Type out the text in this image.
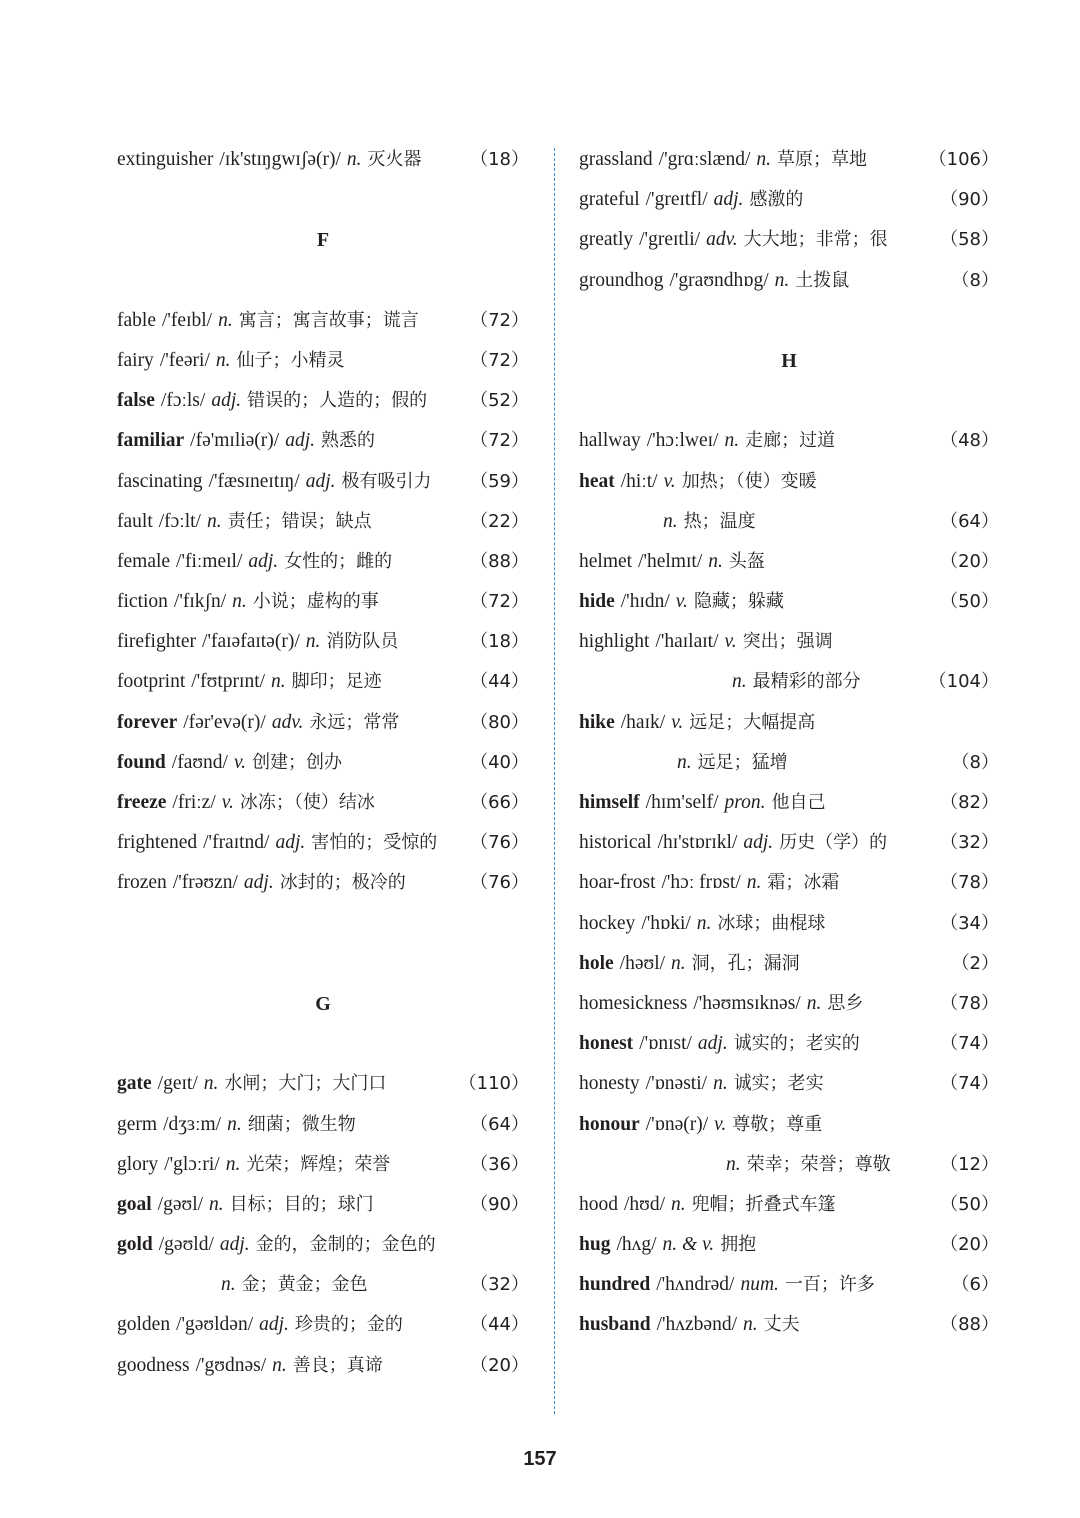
extinguisher /ɪk'stɪŋgwɪʃə(r)/ n. 灭火器	（18）
F
fable /'feɪbl/ n. 寓言；寓言故事；谎言	（72）
fairy /'feəri/ n. 仙子；小精灵	（72）
false /fɔːls/ adj. 错误的；人造的；假的 （52）
familiar /fə'mɪliə(r)/ adj. 熟悉的	（72）
fascinating /'fæsɪneɪtɪŋ/ adj. 极有吸引力 （59）
fault /fɔːlt/ n. 责任；错误；缺点	（22）
female /'fiːmeɪl/ adj. 女性的；雌的	（88）
fiction /'fɪkʃn/ n. 小说；虚构的事	（72）
firefighter /'faɪəfaɪtə(r)/ n. 消防队员	（18）
footprint /'fʊtprɪnt/ n. 脚印；足迹	（44）
forever /fər'evə(r)/ adv. 永远；常常	（80）
found /faʊnd/ v. 创建；创办	（40）
freeze /friːz/ v. 冰冻；（使）结冰	（66）
frightened /'fraɪtnd/ adj. 害怕的；受惊的 （76）
frozen /'frəʊzn/ adj. 冰封的；极冷的	（76）
G
gate /geɪt/ n. 水闸；大门；大门口	（110）
germ /dʒɜːm/ n. 细菌；微生物	（64）
glory /'glɔːri/ n. 光荣；辉煌；荣誉	（36）
goal /gəʊl/ n. 目标；目的；球门	（90）
gold /gəʊld/ adj. 金的，金制的；金色的
n. 金；黄金；金色	（32）
golden /'gəʊldən/ adj. 珍贵的；金的	（44）
goodness /'gʊdnəs/ n. 善良；真谛	（20）
grassland /'grɑːslænd/ n. 草原；草地	（106）
grateful /'greɪtfl/ adj. 感激的	（90）
greatly /'greɪtli/ adv. 大大地；非常；很	（58）
groundhog /'graʊndhɒg/ n. 土拨鼠	（8）
H
hallway /'hɔːlweɪ/ n. 走廊；过道	（48）
heat /hiːt/ v. 加热；（使）变暖
n. 热；温度	（64）
helmet /'helmɪt/ n. 头盔	（20）
hide /'hɪdn/ v. 隐藏；躲藏	（50）
highlight /'haɪlaɪt/ v. 突出；强调
n. 最精彩的部分	（104）
hike /haɪk/ v. 远足；大幅提高
n. 远足；猛增	（8）
himself /hɪm'self/ pron. 他自己	（82）
historical /hɪ'stɒrɪkl/ adj. 历史（学）的	（32）
hoar-frost /'hɔː frɒst/ n. 霜；冰霜	（78）
hockey /'hɒki/ n. 冰球；曲棍球	（34）
hole /həʊl/ n. 洞，孔；漏洞	（2）
homesickness /'həʊmsɪknəs/ n. 思乡	（78）
honest /'ɒnɪst/ adj. 诚实的；老实的	（74）
honesty /'ɒnəsti/ n. 诚实；老实	（74）
honour /'ɒnə(r)/ v. 尊敬；尊重
n. 荣幸；荣誉；尊敬	（12）
hood /hʊd/ n. 兜帽；折叠式车篷	（50）
hug /hʌg/ n. & v. 拥抱	（20）
hundred /'hʌndrəd/ num. 一百；许多	（6）
husband /'hʌzbənd/ n. 丈夫	（88）
157
